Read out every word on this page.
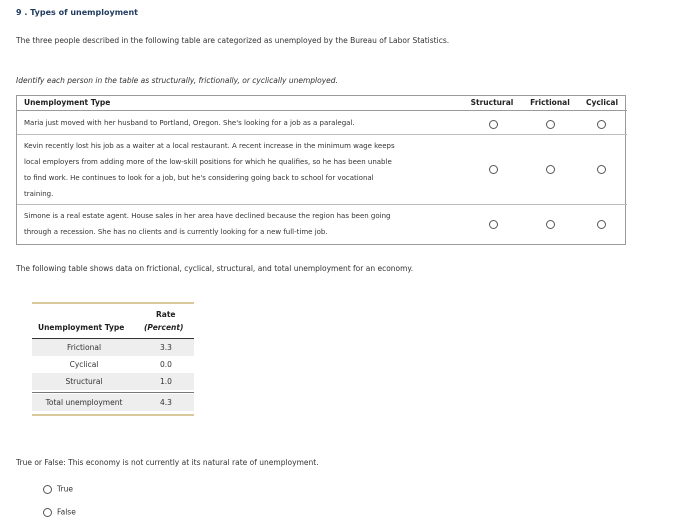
9 . Types of unemployment
The three people described in the following table are categorized as unemployed by the Bureau of Labor Statistics.
Identify each person in the table as structurally, frictionally, or cyclically unemployed.
Unemployment Type	Structural	Frictional	Cyclical
Maria just moved with her husband to Portland, Oregon. She's looking for a job as a paralegal.
Kevin recently lost his job as a waiter at a local restaurant. A recent increase in the minimum wage keeps
local employers from adding more of the low-skill positions for which he qualifies, so he has been unable
to find work. He continues to look for a job, but he's considering going back to school for vocational
training.
Simone is a real estate agent. House sales in her area have declined because the region has been going
through a recession. She has no clients and is currently looking for a new full-time job.
The following table shows data on frictional, cyclical, structural, and total unemployment for an economy.
Rate
Unemployment Type	(Percent)
Frictional	3.3
Cyclical	0.0
Structural	1.0
Total unemployment	4.3
True or False: This economy is not currently at its natural rate of unemployment.
True
False
